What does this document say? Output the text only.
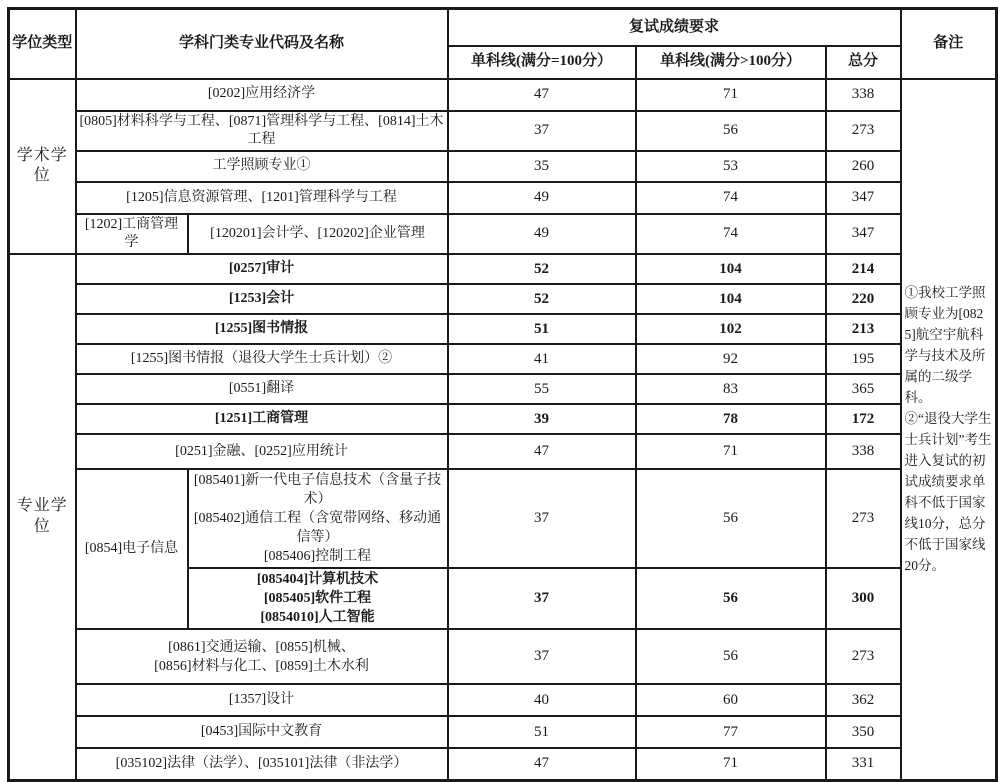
学位类型	学科门类专业代码及名称		复试成绩要求			备注
			单科线(满分=100分）	单科线(满分>100分）	总分	
学术学位	[0202]应用经济学		47	71	338	①我校工学照顾专业为[0825]航空宇航科学与技术及所属的二级学科。
②“退役大学生士兵计划”考生进入复试的初试成绩要求单科不低于国家线10分，总分不低于国家线20分。

	[0805]材料科学与工程、[0871]管理科学与工程、[0814]土木工程		37	56	273	
	工学照顾专业①		35	53	260	
	[1205]信息资源管理、[1201]管理科学与工程		49	74	347	
	[1202]工商管理学	[120201]会计学、[120202]企业管理	49	74	347	
专业学位	[0257]审计		52	104	214	
	[1253]会计		52	104	220	
	[1255]图书情报		51	102	213	
	[1255]图书情报（退役大学生士兵计划）②		41	92	195	
	[0551]翻译		55	83	365	
	[1251]工商管理		39	78	172	
	[0251]金融、[0252]应用统计		47	71	338	
	[0854]电子信息	[085401]新一代电子信息技术（含量子技术）
[085402]通信工程（含宽带网络、移动通信等）
[085406]控制工程	37	56	273	

		[085404]计算机技术
[085405]软件工程
[0854010]人工智能	37	56	300	

	[0861]交通运输、[0855]机械、
[0856]材料与化工、[0859]土木水利		37	56	273	
	[1357]设计		40	60	362	
	[0453]国际中文教育		51	77	350	
	[035102]法律（法学）、[035101]法律（非法学）		47	71	331	
